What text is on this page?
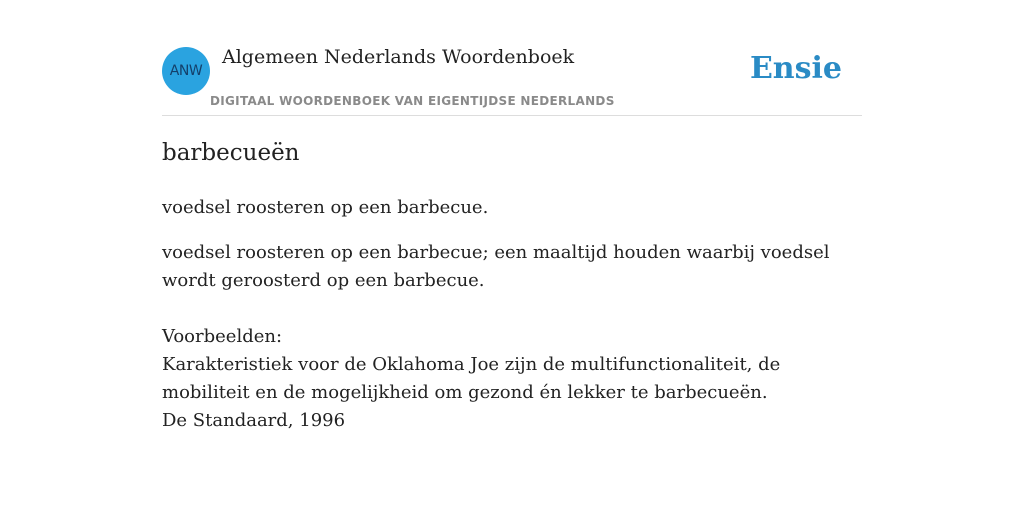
ANW
Algemeen Nederlands Woordenboek
DIGITAAL WOORDENBOEK VAN EIGENTIJDSE NEDERLANDS
Ensie
barbecueën
voedsel roosteren op een barbecue.
voedsel roosteren op een barbecue; een maaltijd houden waarbij voedsel wordt geroosterd op een barbecue.
Voorbeelden:
Karakteristiek voor de Oklahoma Joe zijn de multifunctionaliteit, de mobiliteit en de mogelijkheid om gezond én lekker te barbecueën.
De Standaard, 1996
